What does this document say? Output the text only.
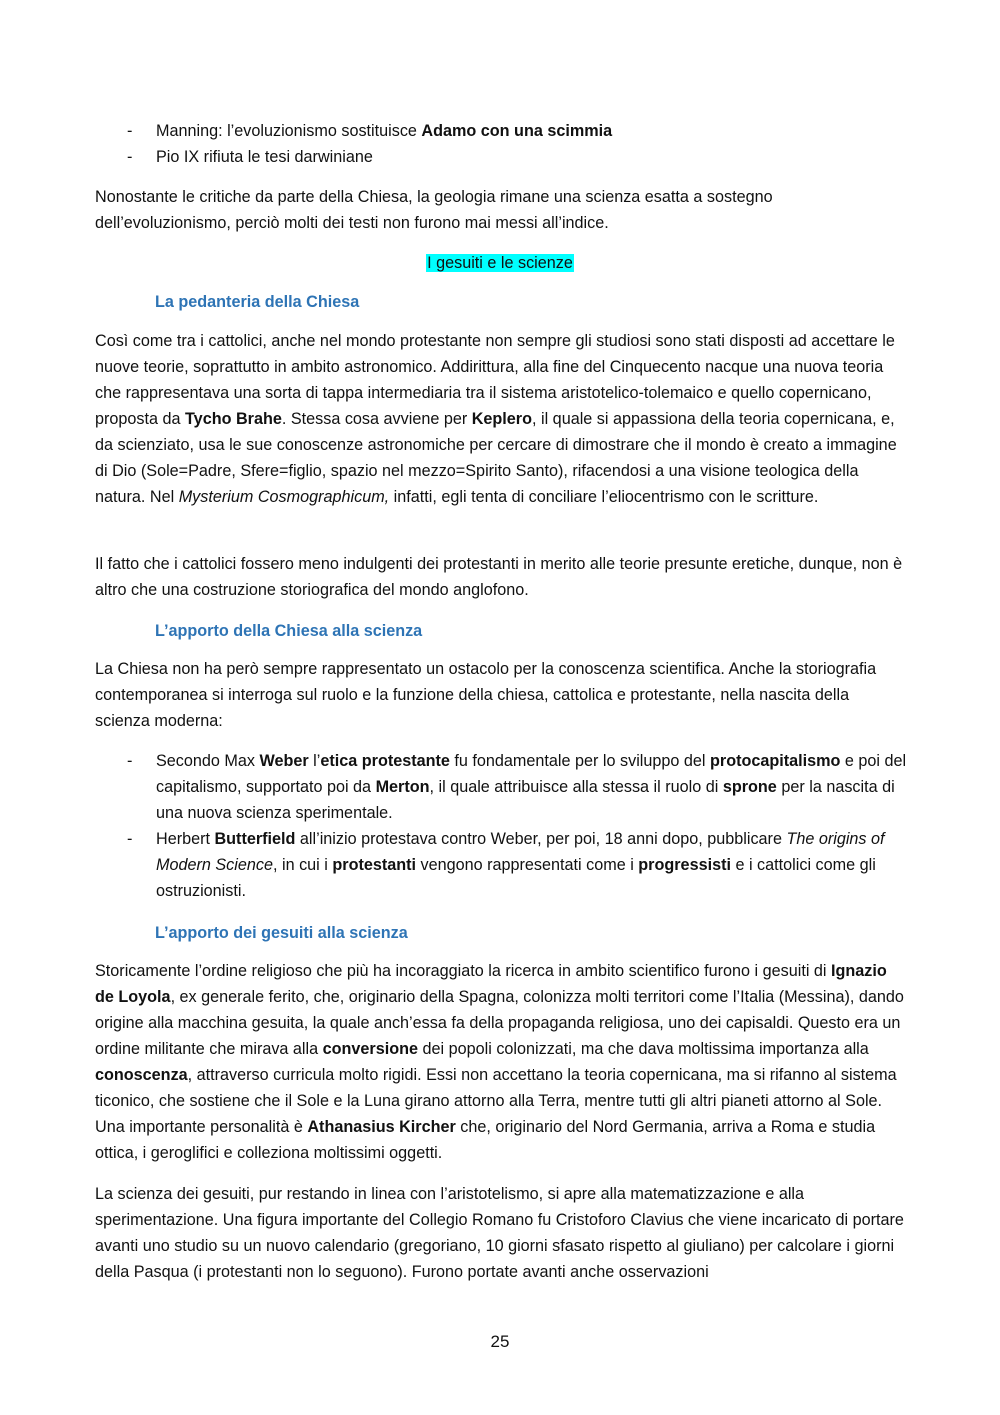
- Manning: l’evoluzionismo sostituisce Adamo con una scimmia
- Pio IX rifiuta le tesi darwiniane

Nonostante le critiche da parte della Chiesa, la geologia rimane una scienza esatta a sostegno dell’evoluzionismo, perciò molti dei testi non furono mai messi all’indice.

I gesuiti e le scienze

La pedanteria della Chiesa

Così come tra i cattolici, anche nel mondo protestante non sempre gli studiosi sono stati disposti ad accettare le nuove teorie, soprattutto in ambito astronomico. Addirittura, alla fine del Cinquecento nacque una nuova teoria che rappresentava una sorta di tappa intermediaria tra il sistema aristotelico-tolemaico e quello copernicano, proposta da Tycho Brahe. Stessa cosa avviene per Keplero, il quale si appassiona della teoria copernicana, e, da scienziato, usa le sue conoscenze astronomiche per cercare di dimostrare che il mondo è creato a immagine di Dio (Sole=Padre, Sfere=figlio, spazio nel mezzo=Spirito Santo), rifacendosi a una visione teologica della natura. Nel Mysterium Cosmographicum, infatti, egli tenta di conciliare l’eliocentrismo con le scritture.

Il fatto che i cattolici fossero meno indulgenti dei protestanti in merito alle teorie presunte eretiche, dunque, non è altro che una costruzione storiografica del mondo anglofono.

L’apporto della Chiesa alla scienza

La Chiesa non ha però sempre rappresentato un ostacolo per la conoscenza scientifica. Anche la storiografia contemporanea si interroga sul ruolo e la funzione della chiesa, cattolica e protestante, nella nascita della scienza moderna:

- Secondo Max Weber l’etica protestante fu fondamentale per lo sviluppo del protocapitalismo e poi del capitalismo, supportato poi da Merton, il quale attribuisce alla stessa il ruolo di sprone per la nascita di una nuova scienza sperimentale.
- Herbert Butterfield all’inizio protestava contro Weber, per poi, 18 anni dopo, pubblicare The origins of Modern Science, in cui i protestanti vengono rappresentati come i progressisti e i cattolici come gli ostruzionisti.

L’apporto dei gesuiti alla scienza

Storicamente l’ordine religioso che più ha incoraggiato la ricerca in ambito scientifico furono i gesuiti di Ignazio de Loyola, ex generale ferito, che, originario della Spagna, colonizza molti territori come l’Italia (Messina), dando origine alla macchina gesuita, la quale anch’essa fa della propaganda religiosa, uno dei capisaldi. Questo era un ordine militante che mirava alla conversione dei popoli colonizzati, ma che dava moltissima importanza alla conoscenza, attraverso curricula molto rigidi. Essi non accettano la teoria copernicana, ma si rifanno al sistema ticonico, che sostiene che il Sole e la Luna girano attorno alla Terra, mentre tutti gli altri pianeti attorno al Sole. Una importante personalità è Athanasius Kircher che, originario del Nord Germania, arriva a Roma e studia ottica, i geroglifici e colleziona moltissimi oggetti.

La scienza dei gesuiti, pur restando in linea con l’aristotelismo, si apre alla matematizzazione e alla sperimentazione. Una figura importante del Collegio Romano fu Cristoforo Clavius che viene incaricato di portare avanti uno studio su un nuovo calendario (gregoriano, 10 giorni sfasato rispetto al giuliano) per calcolare i giorni della Pasqua (i protestanti non lo seguono). Furono portate avanti anche osservazioni

25
